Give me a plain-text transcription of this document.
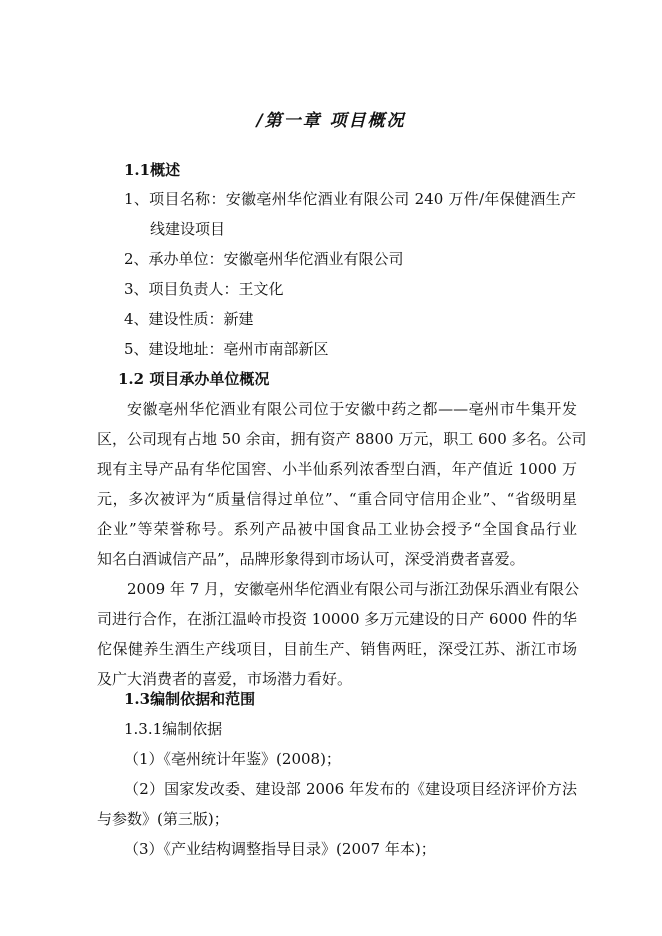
/第一章 项目概况
1.1概述
1、项目名称：安徽亳州华佗酒业有限公司 240 万件/年保健酒生产
线建设项目
2、承办单位：安徽亳州华佗酒业有限公司
3、项目负责人：王文化
4、建设性质：新建
5、建设地址：亳州市南部新区
1.2 项目承办单位概况
安徽亳州华佗酒业有限公司位于安徽中药之都——亳州市牛集开发
区，公司现有占地 50 余亩，拥有资产 8800 万元，职工 600 多名。公司
现有主导产品有华佗国窖、小半仙系列浓香型白酒，年产值近 1000 万
元，多次被评为“质量信得过单位”、“重合同守信用企业”、“省级明星
企业”等荣誉称号。系列产品被中国食品工业协会授予“全国食品行业
知名白酒诚信产品”，品牌形象得到市场认可，深受消费者喜爱。
2009 年 7 月，安徽亳州华佗酒业有限公司与浙江劲保乐酒业有限公
司进行合作，在浙江温岭市投资 10000 多万元建设的日产 6000 件的华
佗保健养生酒生产线项目，目前生产、销售两旺，深受江苏、浙江市场
及广大消费者的喜爱，市场潜力看好。
1.3编制依据和范围
1.3.1编制依据
（1）《亳州统计年鉴》(2008)；
（2）国家发改委、建设部 2006 年发布的《建设项目经济评价方法
与参数》(第三版)；
（3）《产业结构调整指导目录》(2007 年本)；
